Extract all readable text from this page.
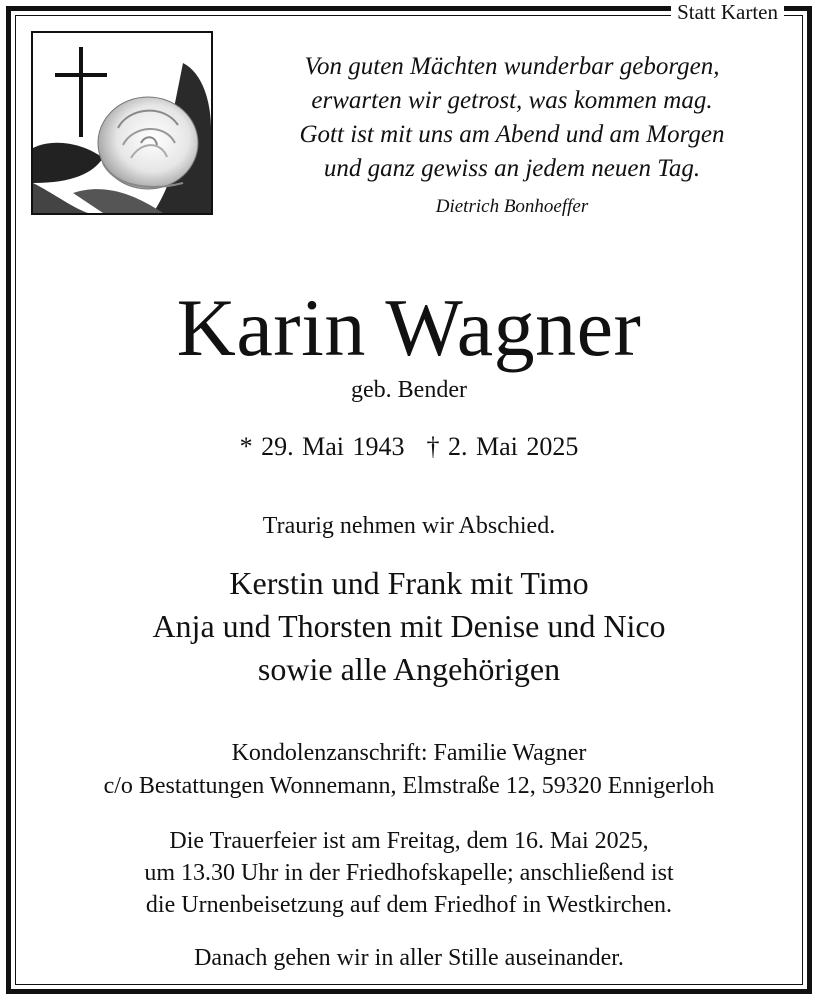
Statt Karten
Von guten Mächten wunderbar geborgen,
erwarten wir getrost, was kommen mag.
Gott ist mit uns am Abend und am Morgen
und ganz gewiss an jedem neuen Tag.
Dietrich Bonhoeffer
Karin Wagner
geb. Bender
* 29. Mai 1943 † 2. Mai 2025
Traurig nehmen wir Abschied.
Kerstin und Frank mit Timo
Anja und Thorsten mit Denise und Nico
sowie alle Angehörigen
Kondolenzanschrift: Familie Wagner
c/o Bestattungen Wonnemann, Elmstraße 12, 59320 Ennigerloh
Die Trauerfeier ist am Freitag, dem 16. Mai 2025,
um 13.30 Uhr in der Friedhofskapelle; anschließend ist
die Urnenbeisetzung auf dem Friedhof in Westkirchen.
Danach gehen wir in aller Stille auseinander.
